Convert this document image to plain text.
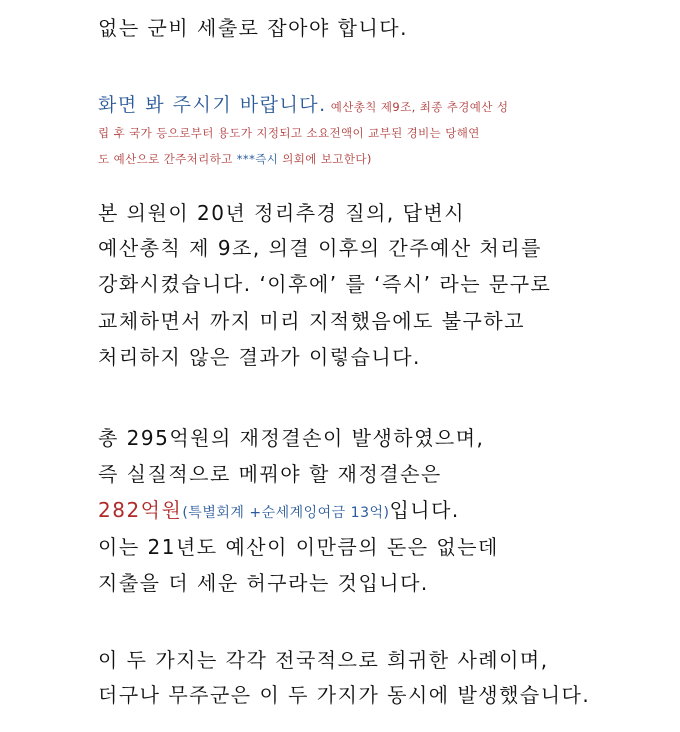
없는 군비 세출로 잡아야 합니다.
화면 봐 주시기 바랍니다. 예산총칙 제9조, 최종 추경예산 성
립 후 국가 등으로부터 용도가 지정되고 소요전액이 교부된 경비는 당해연
도 예산으로 간주처리하고 ***즉시 의회에 보고한다)
본 의원이 20년 정리추경 질의, 답변시
예산총칙 제 9조, 의결 이후의 간주예산 처리를
강화시켰습니다. ‘이후에’ 를 ‘즉시’ 라는 문구로
교체하면서 까지 미리 지적했음에도 불구하고
처리하지 않은 결과가 이렇습니다.
총 295억원의 재정결손이 발생하였으며,
즉 실질적으로 메꿔야 할 재정결손은
282억원(특별회계 +순세계잉여금 13억)입니다.
이는 21년도 예산이 이만큼의 돈은 없는데
지출을 더 세운 허구라는 것입니다.
이 두 가지는 각각 전국적으로 희귀한 사례이며,
더구나 무주군은 이 두 가지가 동시에 발생했습니다.
